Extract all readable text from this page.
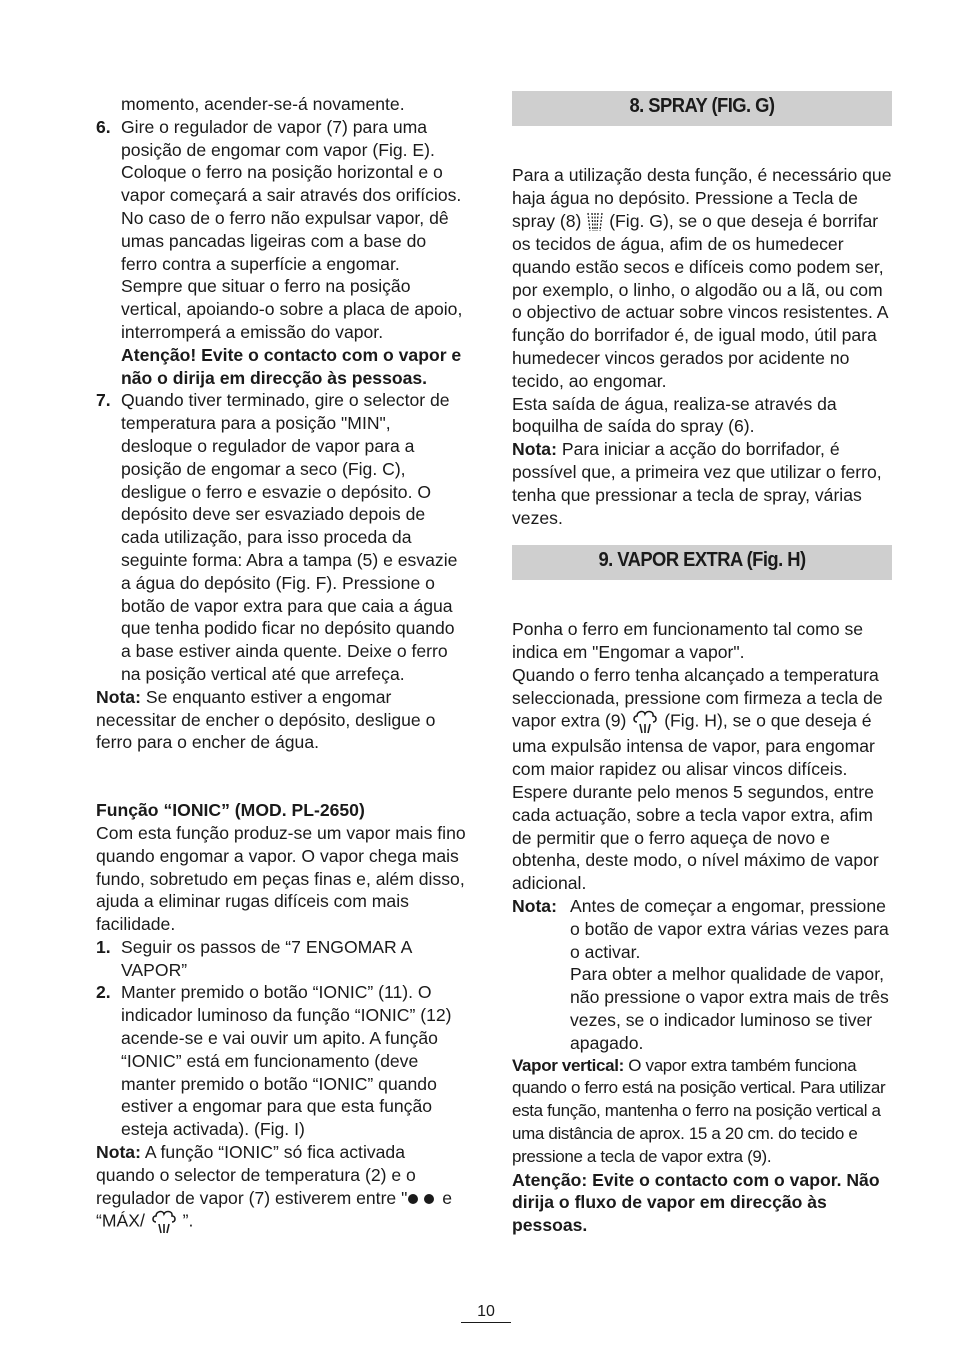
momento, acender-se-á novamente.

6. Gire o regulador de vapor (7) para uma posição de engomar com vapor (Fig. E). Coloque o ferro na posição horizontal e o vapor começará a sair através dos orifícios. No caso de o ferro não expulsar vapor, dê umas pancadas ligeiras com a base do ferro contra a superfície a engomar. Sempre que situar o ferro na posição vertical, apoiando-o sobre a placa de apoio, interromperá a emissão do vapor.

Atenção! Evite o contacto com o vapor e não o dirija em direcção às pessoas.

7. Quando tiver terminado, gire o selector de temperatura para a posição "MIN", desloque o regulador de vapor para a posição de engomar a seco (Fig. C), desligue o ferro e esvazie o depósito. O depósito deve ser esvaziado depois de cada utilização, para isso proceda da seguinte forma: Abra a tampa (5) e esvazie a água do depósito (Fig. F). Pressione o botão de vapor extra para que caia a água que tenha podido ficar no depósito quando a base estiver ainda quente. Deixe o ferro na posição vertical até que arrefeça.

Nota: Se enquanto estiver a engomar necessitar de encher o depósito, desligue o ferro para o encher de água.

Função “IONIC” (MOD. PL-2650)

Com esta função produz-se um vapor mais fino quando engomar a vapor. O vapor chega mais fundo, sobretudo em peças finas e, além disso, ajuda a eliminar rugas difíceis com mais facilidade.

1. Seguir os passos de “7 ENGOMAR A VAPOR”

2. Manter premido o botão “IONIC” (11). O indicador luminoso da função “IONIC” (12) acende-se e vai ouvir um apito. A função “IONIC” está em funcionamento (deve manter premido o botão “IONIC” quando estiver a engomar para que esta função esteja activada). (Fig. I)

Nota: A função “IONIC” só fica activada quando o selector de temperatura (2) e o regulador de vapor (7) estiverem entre " e “MÁX/ ”.

8. SPRAY (FIG. G)

Para a utilização desta função, é necessário que haja água no depósito. Pressione a Tecla de spray (8) (Fig. G), se o que deseja é borrifar os tecidos de água, afim de os humedecer quando estão secos e difíceis como podem ser, por exemplo, o linho, o algodão ou a lã, ou com o objectivo de actuar sobre vincos resistentes. A função do borrifador é, de igual modo, útil para humedecer vincos gerados por acidente no tecido, ao engomar.

Esta saída de água, realiza-se através da boquilha de saída do spray (6).

Nota: Para iniciar a acção do borrifador, é possível que, a primeira vez que utilizar o ferro, tenha que pressionar a tecla de spray, várias vezes.

9. VAPOR EXTRA (Fig. H)

Ponha o ferro em funcionamento tal como se indica em "Engomar a vapor".

Quando o ferro tenha alcançado a temperatura seleccionada, pressione com firmeza a tecla de vapor extra (9) (Fig. H), se o que deseja é uma expulsão intensa de vapor, para engomar com maior rapidez ou alisar vincos difíceis. Espere durante pelo menos 5 segundos, entre cada actuação, sobre a tecla vapor extra, afim de permitir que o ferro aqueça de novo e obtenha, deste modo, o nível máximo de vapor adicional.

Nota: Antes de começar a engomar, pressione o botão de vapor extra várias vezes para o activar.

Para obter a melhor qualidade de vapor, não pressione o vapor extra mais de três vezes, se o indicador luminoso se tiver apagado.

Vapor vertical: O vapor extra também funciona quando o ferro está na posição vertical. Para utilizar esta função, mantenha o ferro na posição vertical a uma distância de aprox. 15 a 20 cm. do tecido e pressione a tecla de vapor extra (9).

Atenção: Evite o contacto com o vapor. Não dirija o fluxo de vapor em direcção às pessoas.

10
